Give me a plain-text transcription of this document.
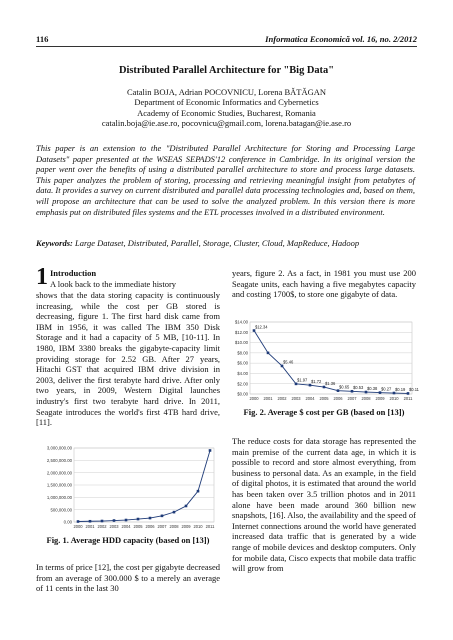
116	Informatica Economică vol. 16, no. 2/2012
Distributed Parallel Architecture for "Big Data"
Catalin BOJA, Adrian POCOVNICU, Lorena BĂTĂGAN
Department of Economic Informatics and Cybernetics
Academy of Economic Studies, Bucharest, Romania
catalin.boja@ie.ase.ro, pocovnicu@gmail.com, lorena.batagan@ie.ase.ro
This paper is an extension to the "Distributed Parallel Architecture for Storing and Processing Large Datasets" paper presented at the WSEAS SEPADS'12 conference in Cambridge. In its original version the paper went over the benefits of using a distributed parallel architecture to store and process large datasets. This paper analyzes the problem of storing, processing and retrieving meaningful insight from petabytes of data. It provides a survey on current distributed and parallel data processing technologies and, based on them, will propose an architecture that can be used to solve the analyzed problem. In this version there is more emphasis put on distributed files systems and the ETL processes involved in a distributed environment.
Keywords: Large Dataset, Distributed, Parallel, Storage, Cluster, Cloud, MapReduce, Hadoop
1 Introduction
A look back to the immediate history
shows that the data storing capacity is continuously increasing, while the cost per GB stored is decreasing, figure 1. The first hard disk came from IBM in 1956, it was called The IBM 350 Disk Storage and it had a capacity of 5 MB, [10-11]. In 1980, IBM 3380 breaks the gigabyte-capacity limit providing storage for 2.52 GB. After 27 years, Hitachi GST that acquired IBM drive division in 2003, deliver the first terabyte hard drive. After only two years, in 2009, Western Digital launches industry's first two terabyte hard drive. In 2011, Seagate introduces the world's first 4TB hard drive, [11].
0.00
500,000.00
1,000,000.00
1,500,000.00
2,000,000.00
2,500,000.00
3,000,000.00
2000 2001 2002 2003 2004 2005 2006 2007 2008 2009 2010 2011
Fig. 1. Average HDD capacity (based on [13])
In terms of price [12], the cost per gigabyte decreased from an average of 300.000 $ to a merely an average of 11 cents in the last 30
years, figure 2. As a fact, in 1981 you must use 200 Seagate units, each having a five megabytes capacity and costing 1700$, to store one gigabyte of data.
$0.00
$2.00
$4.00
$6.00
$8.00
$10.00
$12.00
$14.00
2000 2001 2002 2003 2004 2005 2006 2007 2008 2009 2010 2011
$12.34
$5.46
$1.97 $1.72 $1.36
$0.65 $0.53 $0.38 $0.27 $0.19 $0.11
Fig. 2. Average $ cost per GB (based on [13])
The reduce costs for data storage has represented the main premise of the current data age, in which it is possible to record and store almost everything, from business to personal data. As an example, in the field of digital photos, it is estimated that around the world has been taken over 3.5 trillion photos and in 2011 alone have been made around 360 billion new snapshots, [16]. Also, the availability and the speed of Internet connections around the world have generated increased data traffic that is generated by a wide range of mobile devices and desktop computers. Only for mobile data, Cisco expects that mobile data traffic will grow from
